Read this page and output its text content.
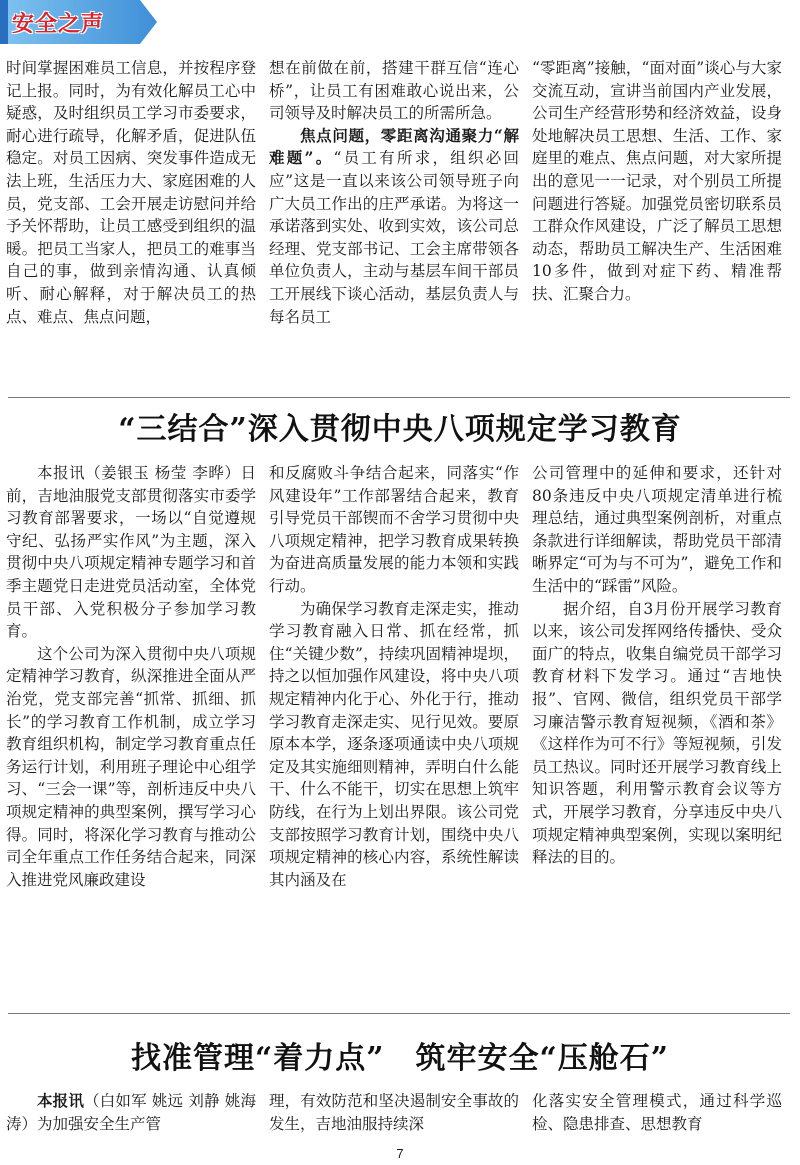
安全之声

时间掌握困难员工信息，并按程序登记上报。同时，为有效化解员工心中疑惑，及时组织员工学习市委要求，耐心进行疏导，化解矛盾，促进队伍稳定。对员工因病、突发事件造成无法上班，生活压力大、家庭困难的人员，党支部、工会开展走访慰问并给予关怀帮助，让员工感受到组织的温暖。把员工当家人，把员工的难事当自己的事，做到亲情沟通、认真倾听、耐心解释，对于解决员工的热点、难点、焦点问题，

想在前做在前，搭建干群互信“连心桥”，让员工有困难敢心说出来，公司领导及时解决员工的所需所急。

焦点问题，零距离沟通聚力“解难题”。“员工有所求，组织必回应”这是一直以来该公司领导班子向广大员工作出的庄严承诺。为将这一承诺落到实处、收到实效，该公司总经理、党支部书记、工会主席带领各单位负责人，主动与基层车间干部员工开展线下谈心活动，基层负责人与每名员工

“零距离”接触，“面对面”谈心与大家交流互动，宣讲当前国内产业发展，公司生产经营形势和经济效益，设身处地解决员工思想、生活、工作、家庭里的难点、焦点问题，对大家所提出的意见一一记录，对个别员工所提问题进行答疑。加强党员密切联系员工群众作风建设，广泛了解员工思想动态，帮助员工解决生产、生活困难10多件，做到对症下药、精准帮扶、汇聚合力。

“三结合”深入贯彻中央八项规定学习教育

本报讯（姜银玉 杨莹 李晔）日前，吉地油服党支部贯彻落实市委学习教育部署要求，一场以“自觉遵规守纪、弘扬严实作风”为主题，深入贯彻中央八项规定精神专题学习和首季主题党日走进党员活动室，全体党员干部、入党积极分子参加学习教育。

这个公司为深入贯彻中央八项规定精神学习教育，纵深推进全面从严治党，党支部完善“抓常、抓细、抓长”的学习教育工作机制，成立学习教育组织机构，制定学习教育重点任务运行计划，利用班子理论中心组学习、“三会一课”等，剖析违反中央八项规定精神的典型案例，撰写学习心得。同时，将深化学习教育与推动公司全年重点工作任务结合起来，同深入推进党风廉政建设

和反腐败斗争结合起来，同落实“作风建设年”工作部署结合起来，教育引导党员干部锲而不舍学习贯彻中央八项规定精神，把学习教育成果转换为奋进高质量发展的能力本领和实践行动。

为确保学习教育走深走实，推动学习教育融入日常、抓在经常，抓住“关键少数”，持续巩固精神堤坝，持之以恒加强作风建设，将中央八项规定精神内化于心、外化于行，推动学习教育走深走实、见行见效。要原原本本学，逐条逐项通读中央八项规定及其实施细则精神，弄明白什么能干、什么不能干，切实在思想上筑牢防线，在行为上划出界限。该公司党支部按照学习教育计划，围绕中央八项规定精神的核心内容，系统性解读其内涵及在

公司管理中的延伸和要求，还针对80条违反中央八项规定清单进行梳理总结，通过典型案例剖析，对重点条款进行详细解读，帮助党员干部清晰界定“可为与不可为”，避免工作和生活中的“踩雷”风险。

据介绍，自3月份开展学习教育以来，该公司发挥网络传播快、受众面广的特点，收集自编党员干部学习教育材料下发学习。通过“吉地快报”、官网、微信，组织党员干部学习廉洁警示教育短视频，《酒和茶》《这样作为可不行》等短视频，引发员工热议。同时还开展学习教育线上知识答题，利用警示教育会议等方式，开展学习教育，分享违反中央八项规定精神典型案例，实现以案明纪释法的目的。

找准管理“着力点”　筑牢安全“压舱石”

本报讯（白如军 姚远 刘静 姚海涛）为加强安全生产管

理，有效防范和坚决遏制安全事故的发生，吉地油服持续深

化落实安全管理模式，通过科学巡检、隐患排查、思想教育

7
